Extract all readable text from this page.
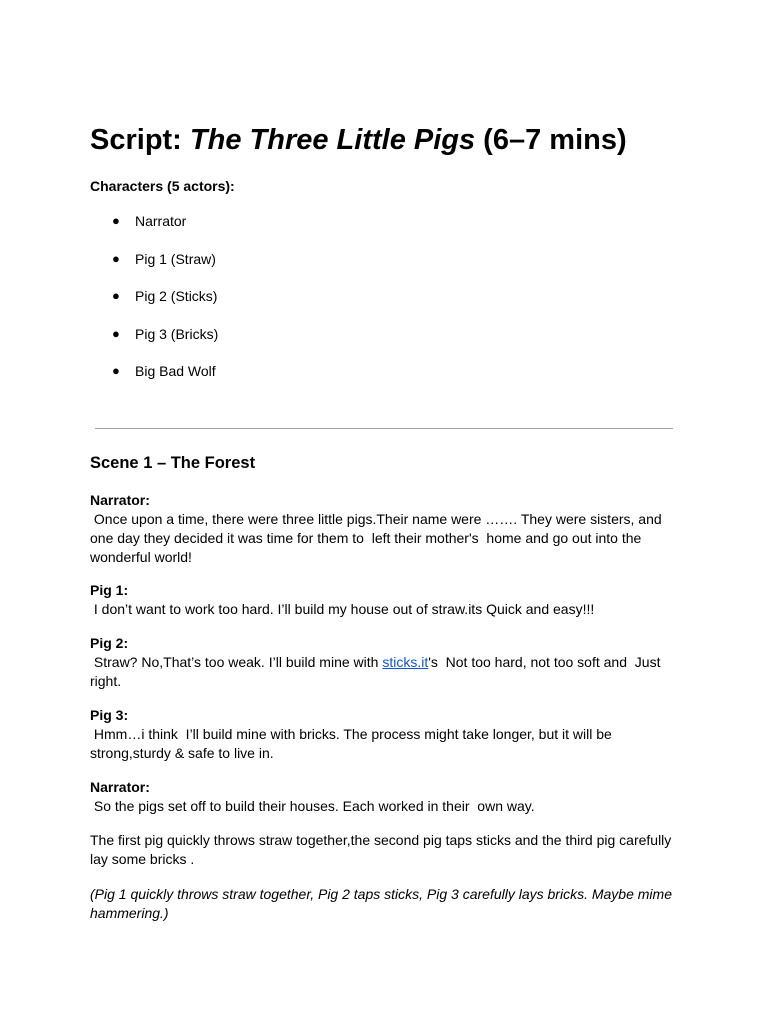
Script: The Three Little Pigs (6–7 mins)

Characters (5 actors):

● Narrator
● Pig 1 (Straw)
● Pig 2 (Sticks)
● Pig 3 (Bricks)
● Big Bad Wolf
Scene 1 – The Forest
Narrator:
Once upon a time, there were three little pigs.Their name were ……. They were sisters, and
one day they decided it was time for them to  left their mother's  home and go out into the
wonderful world!
Pig 1:
I don’t want to work too hard. I’ll build my house out of straw.its Quick and easy!!!
Pig 2:
Straw? No,That’s too weak. I’ll build mine with sticks.it's  Not too hard, not too soft and  Just
right.
Pig 3:
Hmm…i think  I’ll build mine with bricks. The process might take longer, but it will be
strong,sturdy & safe to live in.
Narrator:
So the pigs set off to build their houses. Each worked in their  own way.
The first pig quickly throws straw together,the second pig taps sticks and the third pig carefully
lay some bricks .
(Pig 1 quickly throws straw together, Pig 2 taps sticks, Pig 3 carefully lays bricks. Maybe mime
hammering.)
